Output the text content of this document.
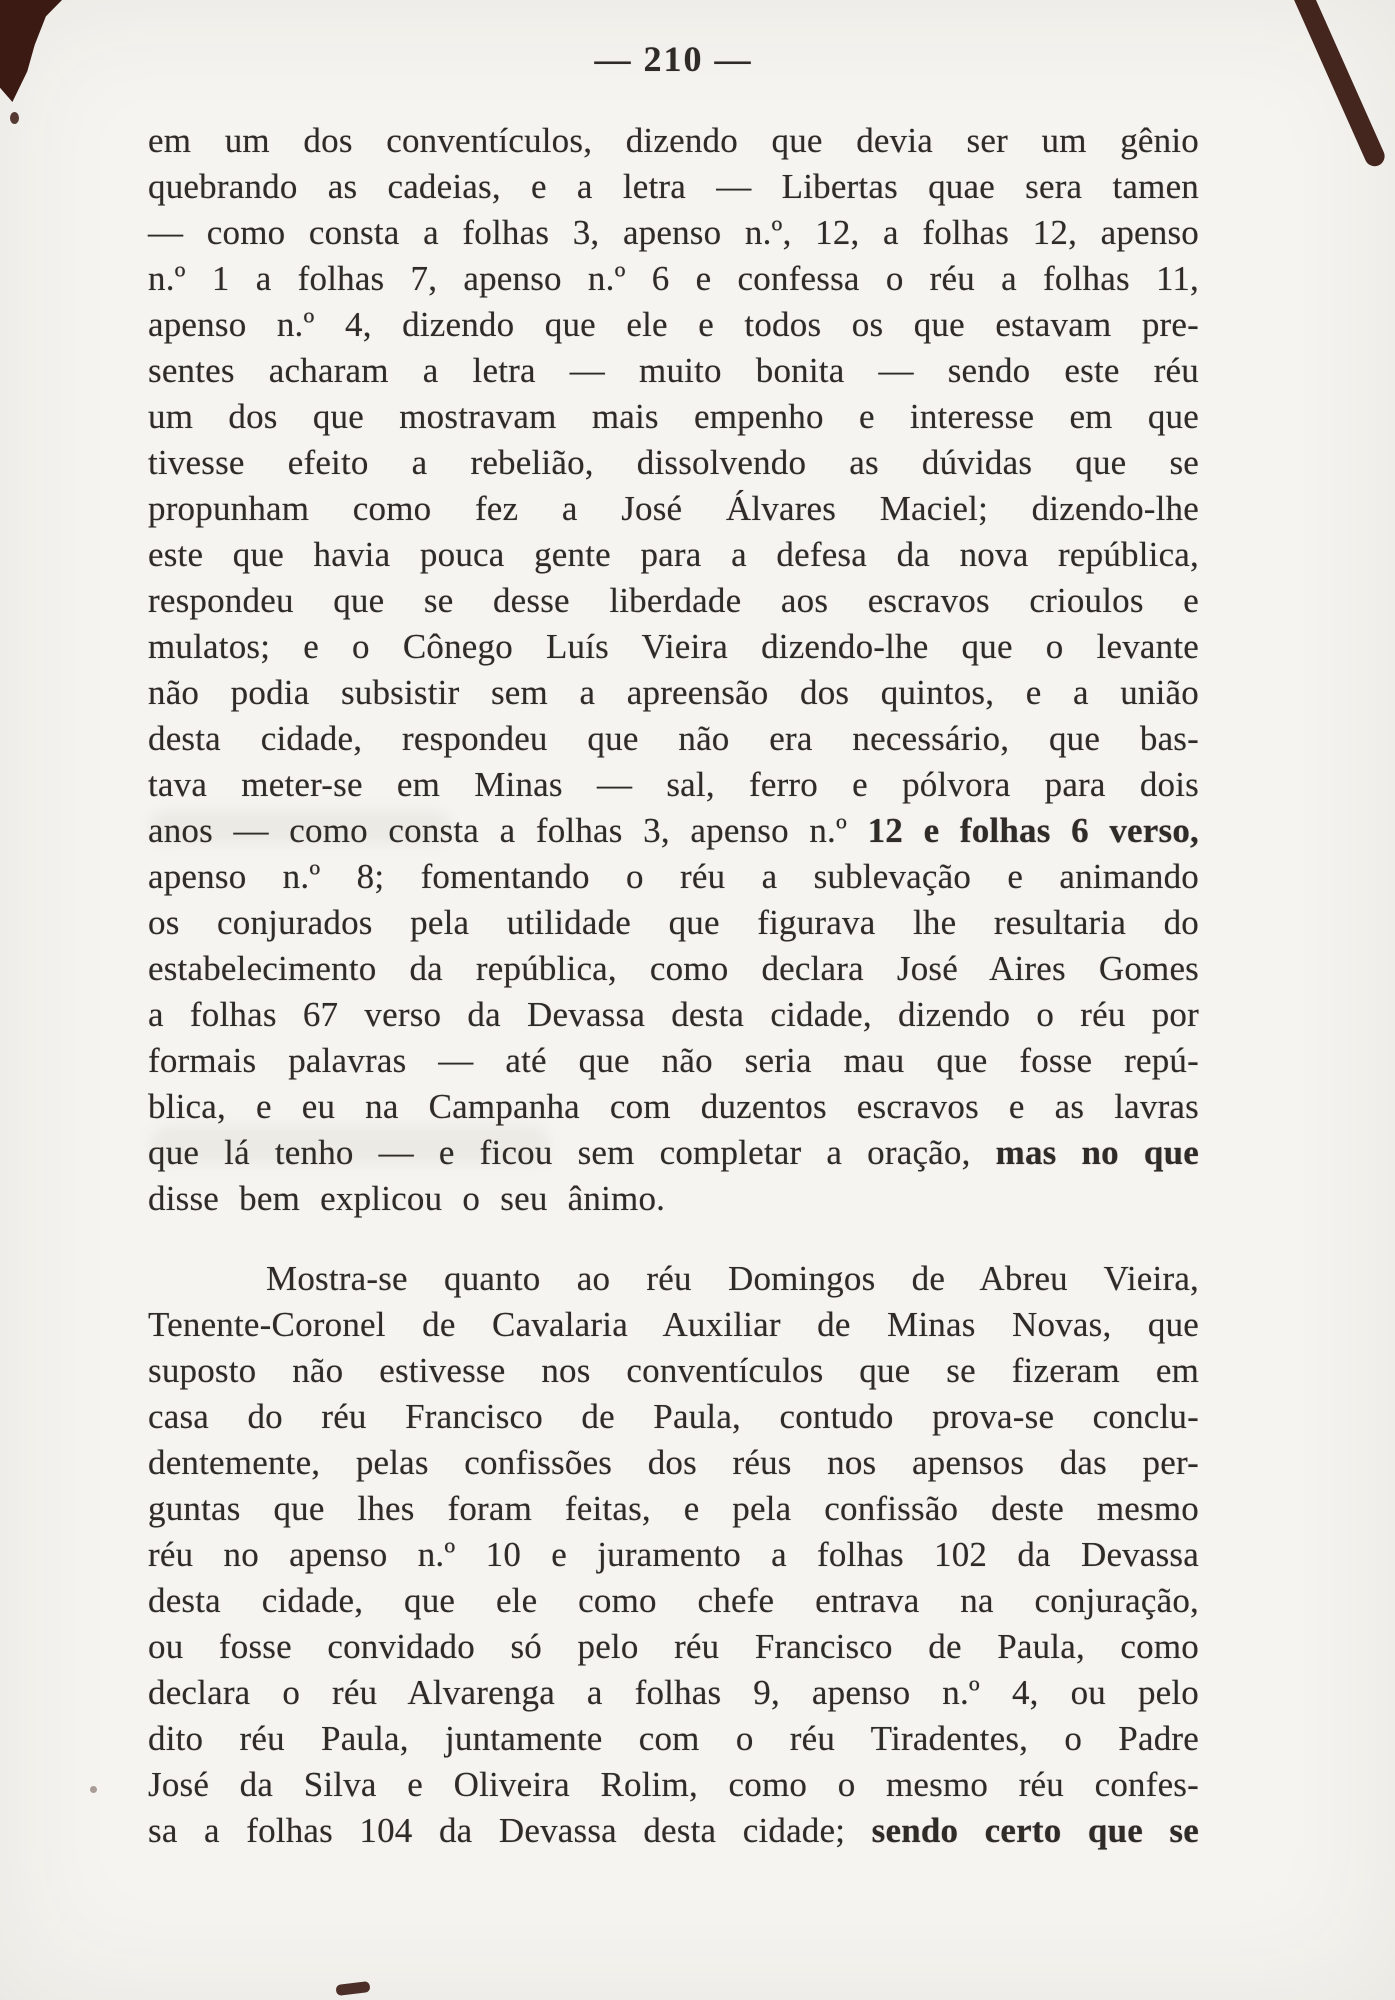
— 210 —
em um dos conventículos, dizendo que devia ser um gênio
quebrando as cadeias, e a letra — Libertas quae sera tamen
— como consta a folhas 3, apenso n.º, 12, a folhas 12, apenso
n.º 1 a folhas 7, apenso n.º 6 e confessa o réu a folhas 11,
apenso n.º 4, dizendo que ele e todos os que estavam pre-
sentes acharam a letra — muito bonita — sendo este réu
um dos que mostravam mais empenho e interesse em que
tivesse efeito a rebelião, dissolvendo as dúvidas que se
propunham como fez a José Álvares Maciel; dizendo-lhe
este que havia pouca gente para a defesa da nova república,
respondeu que se desse liberdade aos escravos crioulos e
mulatos; e o Cônego Luís Vieira dizendo-lhe que o levante
não podia subsistir sem a apreensão dos quintos, e a união
desta cidade, respondeu que não era necessário, que bas-
tava meter-se em Minas — sal, ferro e pólvora para dois
anos — como consta a folhas 3, apenso n.º 12 e folhas 6 verso,
apenso n.º 8; fomentando o réu a sublevação e animando
os conjurados pela utilidade que figurava lhe resultaria do
estabelecimento da república, como declara José Aires Gomes
a folhas 67 verso da Devassa desta cidade, dizendo o réu por
formais palavras — até que não seria mau que fosse repú-
blica, e eu na Campanha com duzentos escravos e as lavras
que lá tenho — e ficou sem completar a oração, mas no que
disse bem explicou o seu ânimo.
Mostra-se quanto ao réu Domingos de Abreu Vieira,
Tenente-Coronel de Cavalaria Auxiliar de Minas Novas, que
suposto não estivesse nos conventículos que se fizeram em
casa do réu Francisco de Paula, contudo prova-se conclu-
dentemente, pelas confissões dos réus nos apensos das per-
guntas que lhes foram feitas, e pela confissão deste mesmo
réu no apenso n.º 10 e juramento a folhas 102 da Devassa
desta cidade, que ele como chefe entrava na conjuração,
ou fosse convidado só pelo réu Francisco de Paula, como
declara o réu Alvarenga a folhas 9, apenso n.º 4, ou pelo
dito réu Paula, juntamente com o réu Tiradentes, o Padre
José da Silva e Oliveira Rolim, como o mesmo réu confes-
sa a folhas 104 da Devassa desta cidade; sendo certo que se
